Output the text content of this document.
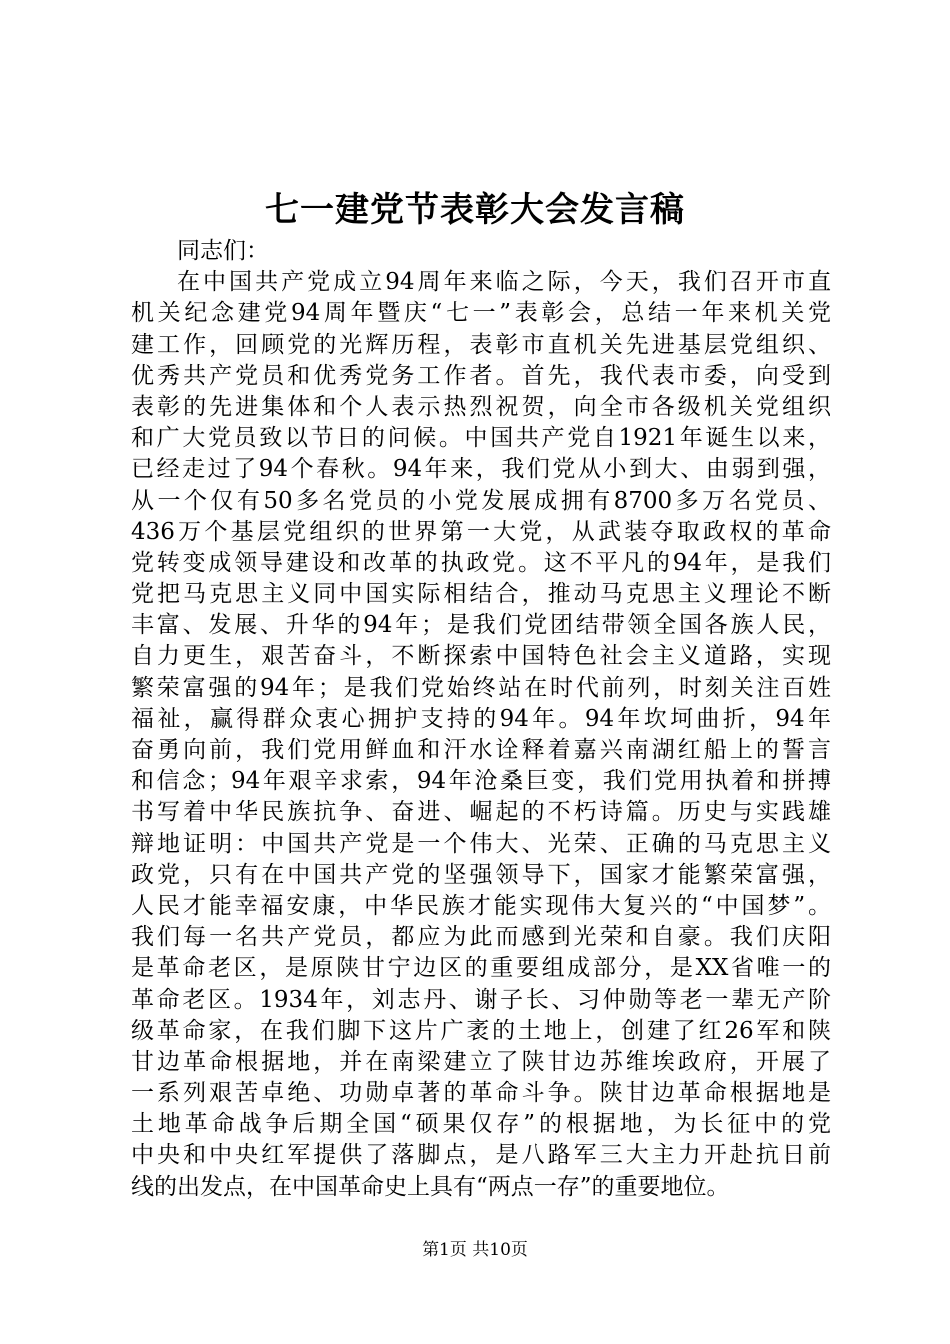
七一建党节表彰大会发言稿
同志们：
在中国共产党成立94周年来临之际，今天，我们召开市直
机关纪念建党94周年暨庆“七一”表彰会，总结一年来机关党
建工作，回顾党的光辉历程，表彰市直机关先进基层党组织、
优秀共产党员和优秀党务工作者。首先，我代表市委，向受到
表彰的先进集体和个人表示热烈祝贺，向全市各级机关党组织
和广大党员致以节日的问候。中国共产党自1921年诞生以来，
已经走过了94个春秋。94年来，我们党从小到大、由弱到强，
从一个仅有50多名党员的小党发展成拥有8700多万名党员、
436万个基层党组织的世界第一大党，从武装夺取政权的革命
党转变成领导建设和改革的执政党。这不平凡的94年，是我们
党把马克思主义同中国实际相结合，推动马克思主义理论不断
丰富、发展、升华的94年；是我们党团结带领全国各族人民，
自力更生，艰苦奋斗，不断探索中国特色社会主义道路，实现
繁荣富强的94年；是我们党始终站在时代前列，时刻关注百姓
福祉，赢得群众衷心拥护支持的94年。94年坎坷曲折，94年
奋勇向前，我们党用鲜血和汗水诠释着嘉兴南湖红船上的誓言
和信念；94年艰辛求索，94年沧桑巨变，我们党用执着和拼搏
书写着中华民族抗争、奋进、崛起的不朽诗篇。历史与实践雄
辩地证明：中国共产党是一个伟大、光荣、正确的马克思主义
政党，只有在中国共产党的坚强领导下，国家才能繁荣富强，
人民才能幸福安康，中华民族才能实现伟大复兴的“中国梦”。
我们每一名共产党员，都应为此而感到光荣和自豪。我们庆阳
是革命老区，是原陕甘宁边区的重要组成部分，是XX省唯一的
革命老区。1934年，刘志丹、谢子长、习仲勋等老一辈无产阶
级革命家，在我们脚下这片广袤的土地上，创建了红26军和陕
甘边革命根据地，并在南梁建立了陕甘边苏维埃政府，开展了
一系列艰苦卓绝、功勋卓著的革命斗争。陕甘边革命根据地是
土地革命战争后期全国“硕果仅存”的根据地，为长征中的党
中央和中央红军提供了落脚点，是八路军三大主力开赴抗日前
线的出发点，在中国革命史上具有“两点一存”的重要地位。
第1页 共10页
